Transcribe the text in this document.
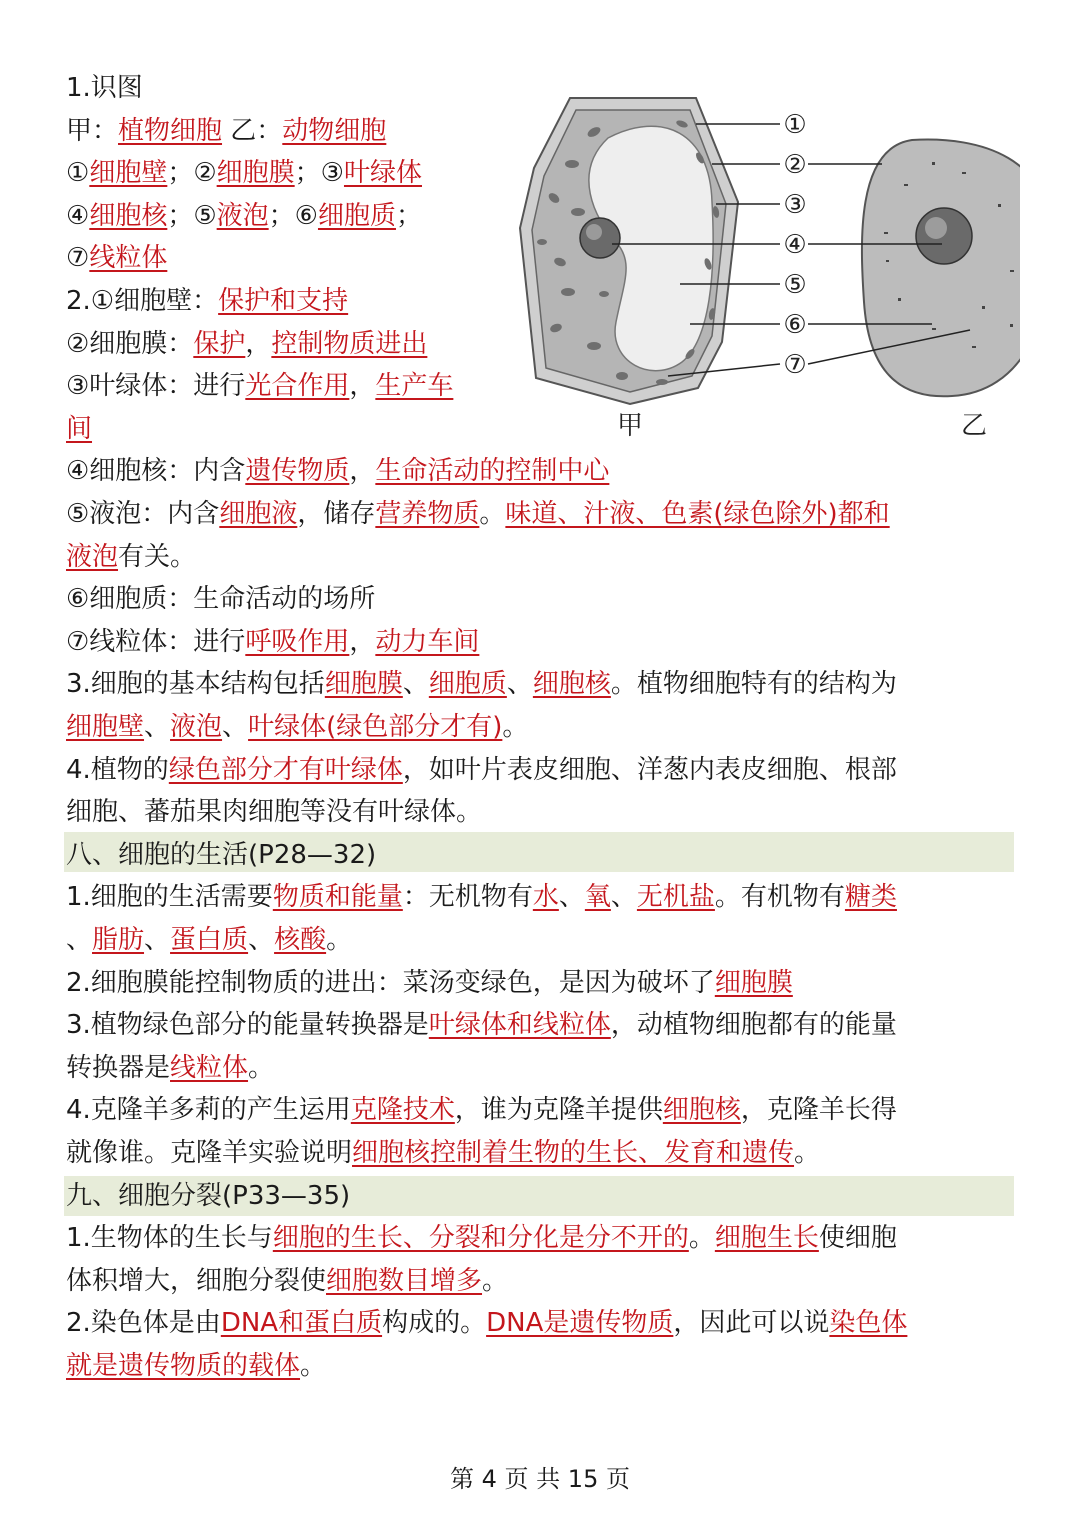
1.识图
甲：植物细胞 乙：动物细胞
①细胞壁；②细胞膜；③叶绿体
④细胞核；⑤液泡；⑥细胞质；
⑦线粒体
2.①细胞壁：保护和支持
②细胞膜：保护，控制物质进出
③叶绿体：进行光合作用，生产车
间
④细胞核：内含遗传物质，生命活动的控制中心
⑤液泡：内含细胞液，储存营养物质。味道、汁液、色素(绿色除外)都和
液泡有关。
⑥细胞质：生命活动的场所
⑦线粒体：进行呼吸作用，动力车间
3.细胞的基本结构包括细胞膜、细胞质、细胞核。植物细胞特有的结构为
细胞壁、液泡、叶绿体(绿色部分才有)。
4.植物的绿色部分才有叶绿体，如叶片表皮细胞、洋葱内表皮细胞、根部
细胞、蕃茄果肉细胞等没有叶绿体。
八、细胞的生活(P28—32)
1.细胞的生活需要物质和能量：无机物有水、氧、无机盐。有机物有糖类
、脂肪、蛋白质、核酸。
2.细胞膜能控制物质的进出：菜汤变绿色，是因为破坏了细胞膜
3.植物绿色部分的能量转换器是叶绿体和线粒体，动植物细胞都有的能量
转换器是线粒体。
4.克隆羊多莉的产生运用克隆技术，谁为克隆羊提供细胞核，克隆羊长得
就像谁。克隆羊实验说明细胞核控制着生物的生长、发育和遗传。
九、细胞分裂(P33—35)
1.生物体的生长与细胞的生长、分裂和分化是分不开的。细胞生长使细胞
体积增大，细胞分裂使细胞数目增多。
2.染色体是由DNA和蛋白质构成的。DNA是遗传物质，因此可以说染色体
就是遗传物质的载体。
①
②
③
④
⑤
⑥
⑦
甲	乙
第 4 页 共 15 页
